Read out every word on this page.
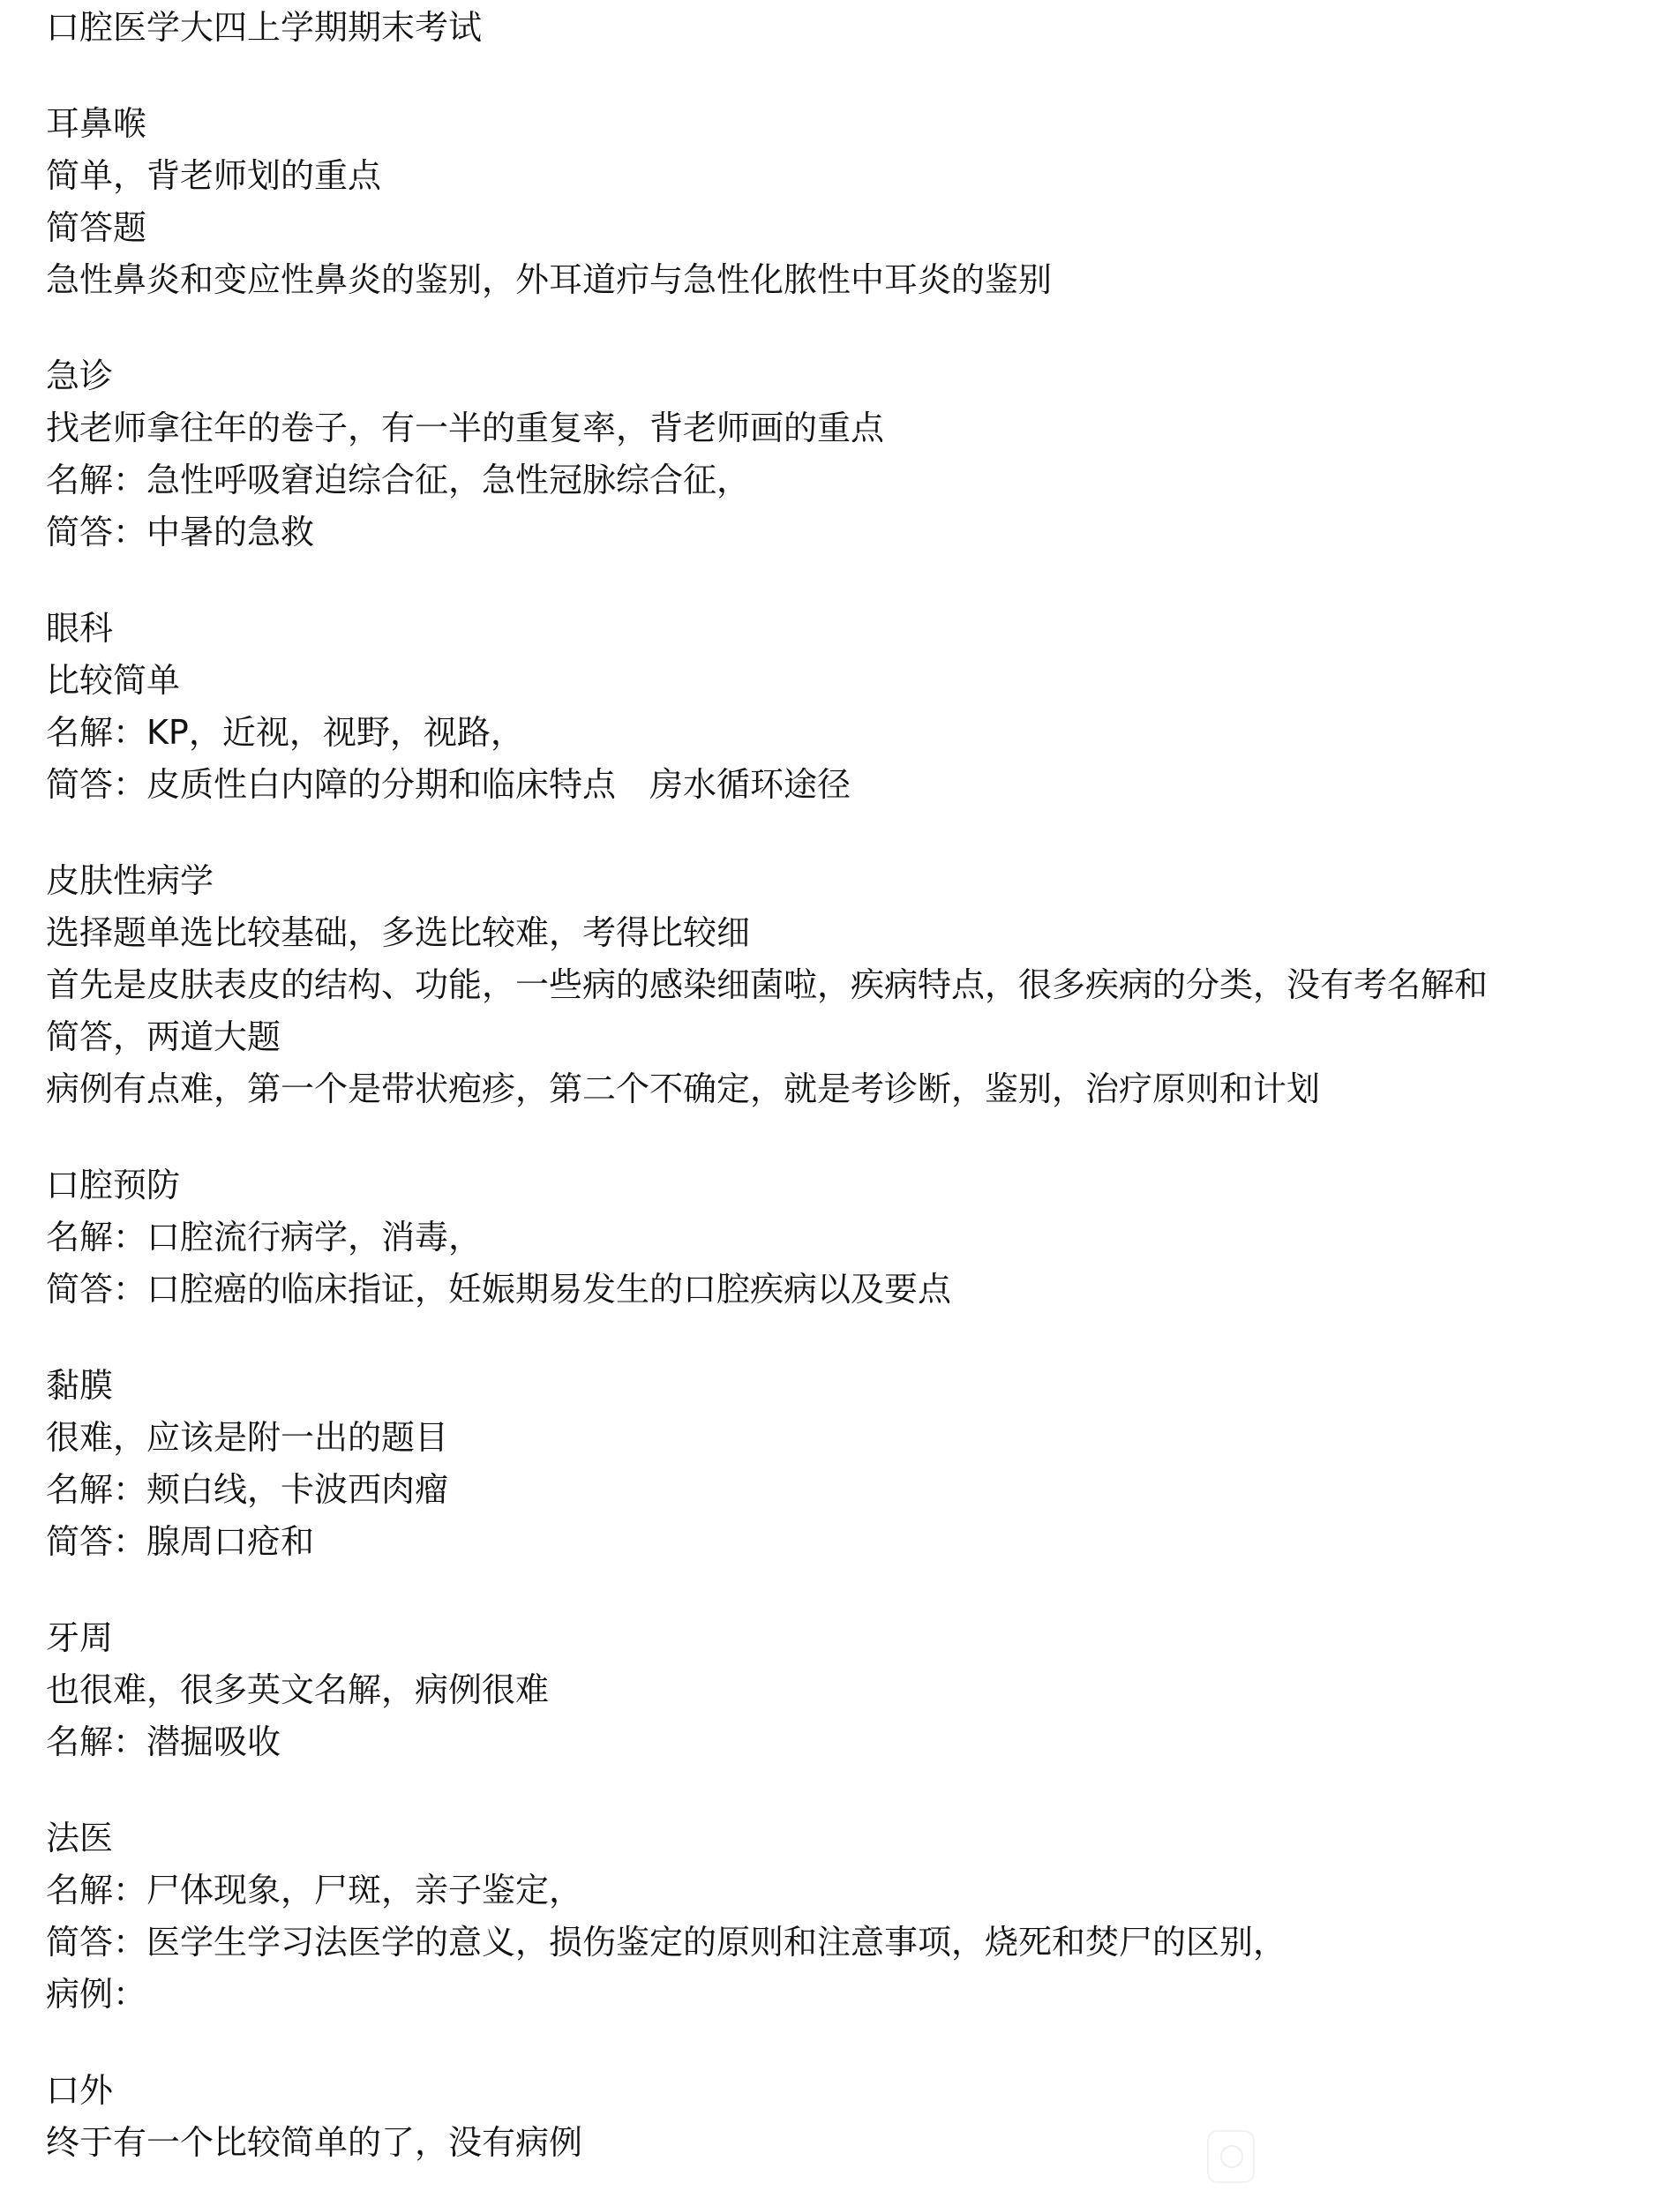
口腔医学大四上学期期末考试
耳鼻喉
简单，背老师划的重点
简答题
急性鼻炎和变应性鼻炎的鉴别，外耳道疖与急性化脓性中耳炎的鉴别
急诊
找老师拿往年的卷子，有一半的重复率，背老师画的重点
名解：急性呼吸窘迫综合征，急性冠脉综合征，
简答：中暑的急救
眼科
比较简单
名解：KP，近视，视野，视路，
简答：皮质性白内障的分期和临床特点　房水循环途径
皮肤性病学
选择题单选比较基础，多选比较难，考得比较细
首先是皮肤表皮的结构、功能，一些病的感染细菌啦，疾病特点，很多疾病的分类，没有考名解和
简答，两道大题
病例有点难，第一个是带状疱疹，第二个不确定，就是考诊断，鉴别，治疗原则和计划
口腔预防
名解：口腔流行病学，消毒，
简答：口腔癌的临床指证，妊娠期易发生的口腔疾病以及要点
黏膜
很难，应该是附一出的题目
名解：颊白线，卡波西肉瘤
简答：腺周口疮和
牙周
也很难，很多英文名解，病例很难
名解：潜掘吸收
法医
名解：尸体现象，尸斑，亲子鉴定，
简答：医学生学习法医学的意义，损伤鉴定的原则和注意事项，烧死和焚尸的区别，
病例：
口外
终于有一个比较简单的了，没有病例
